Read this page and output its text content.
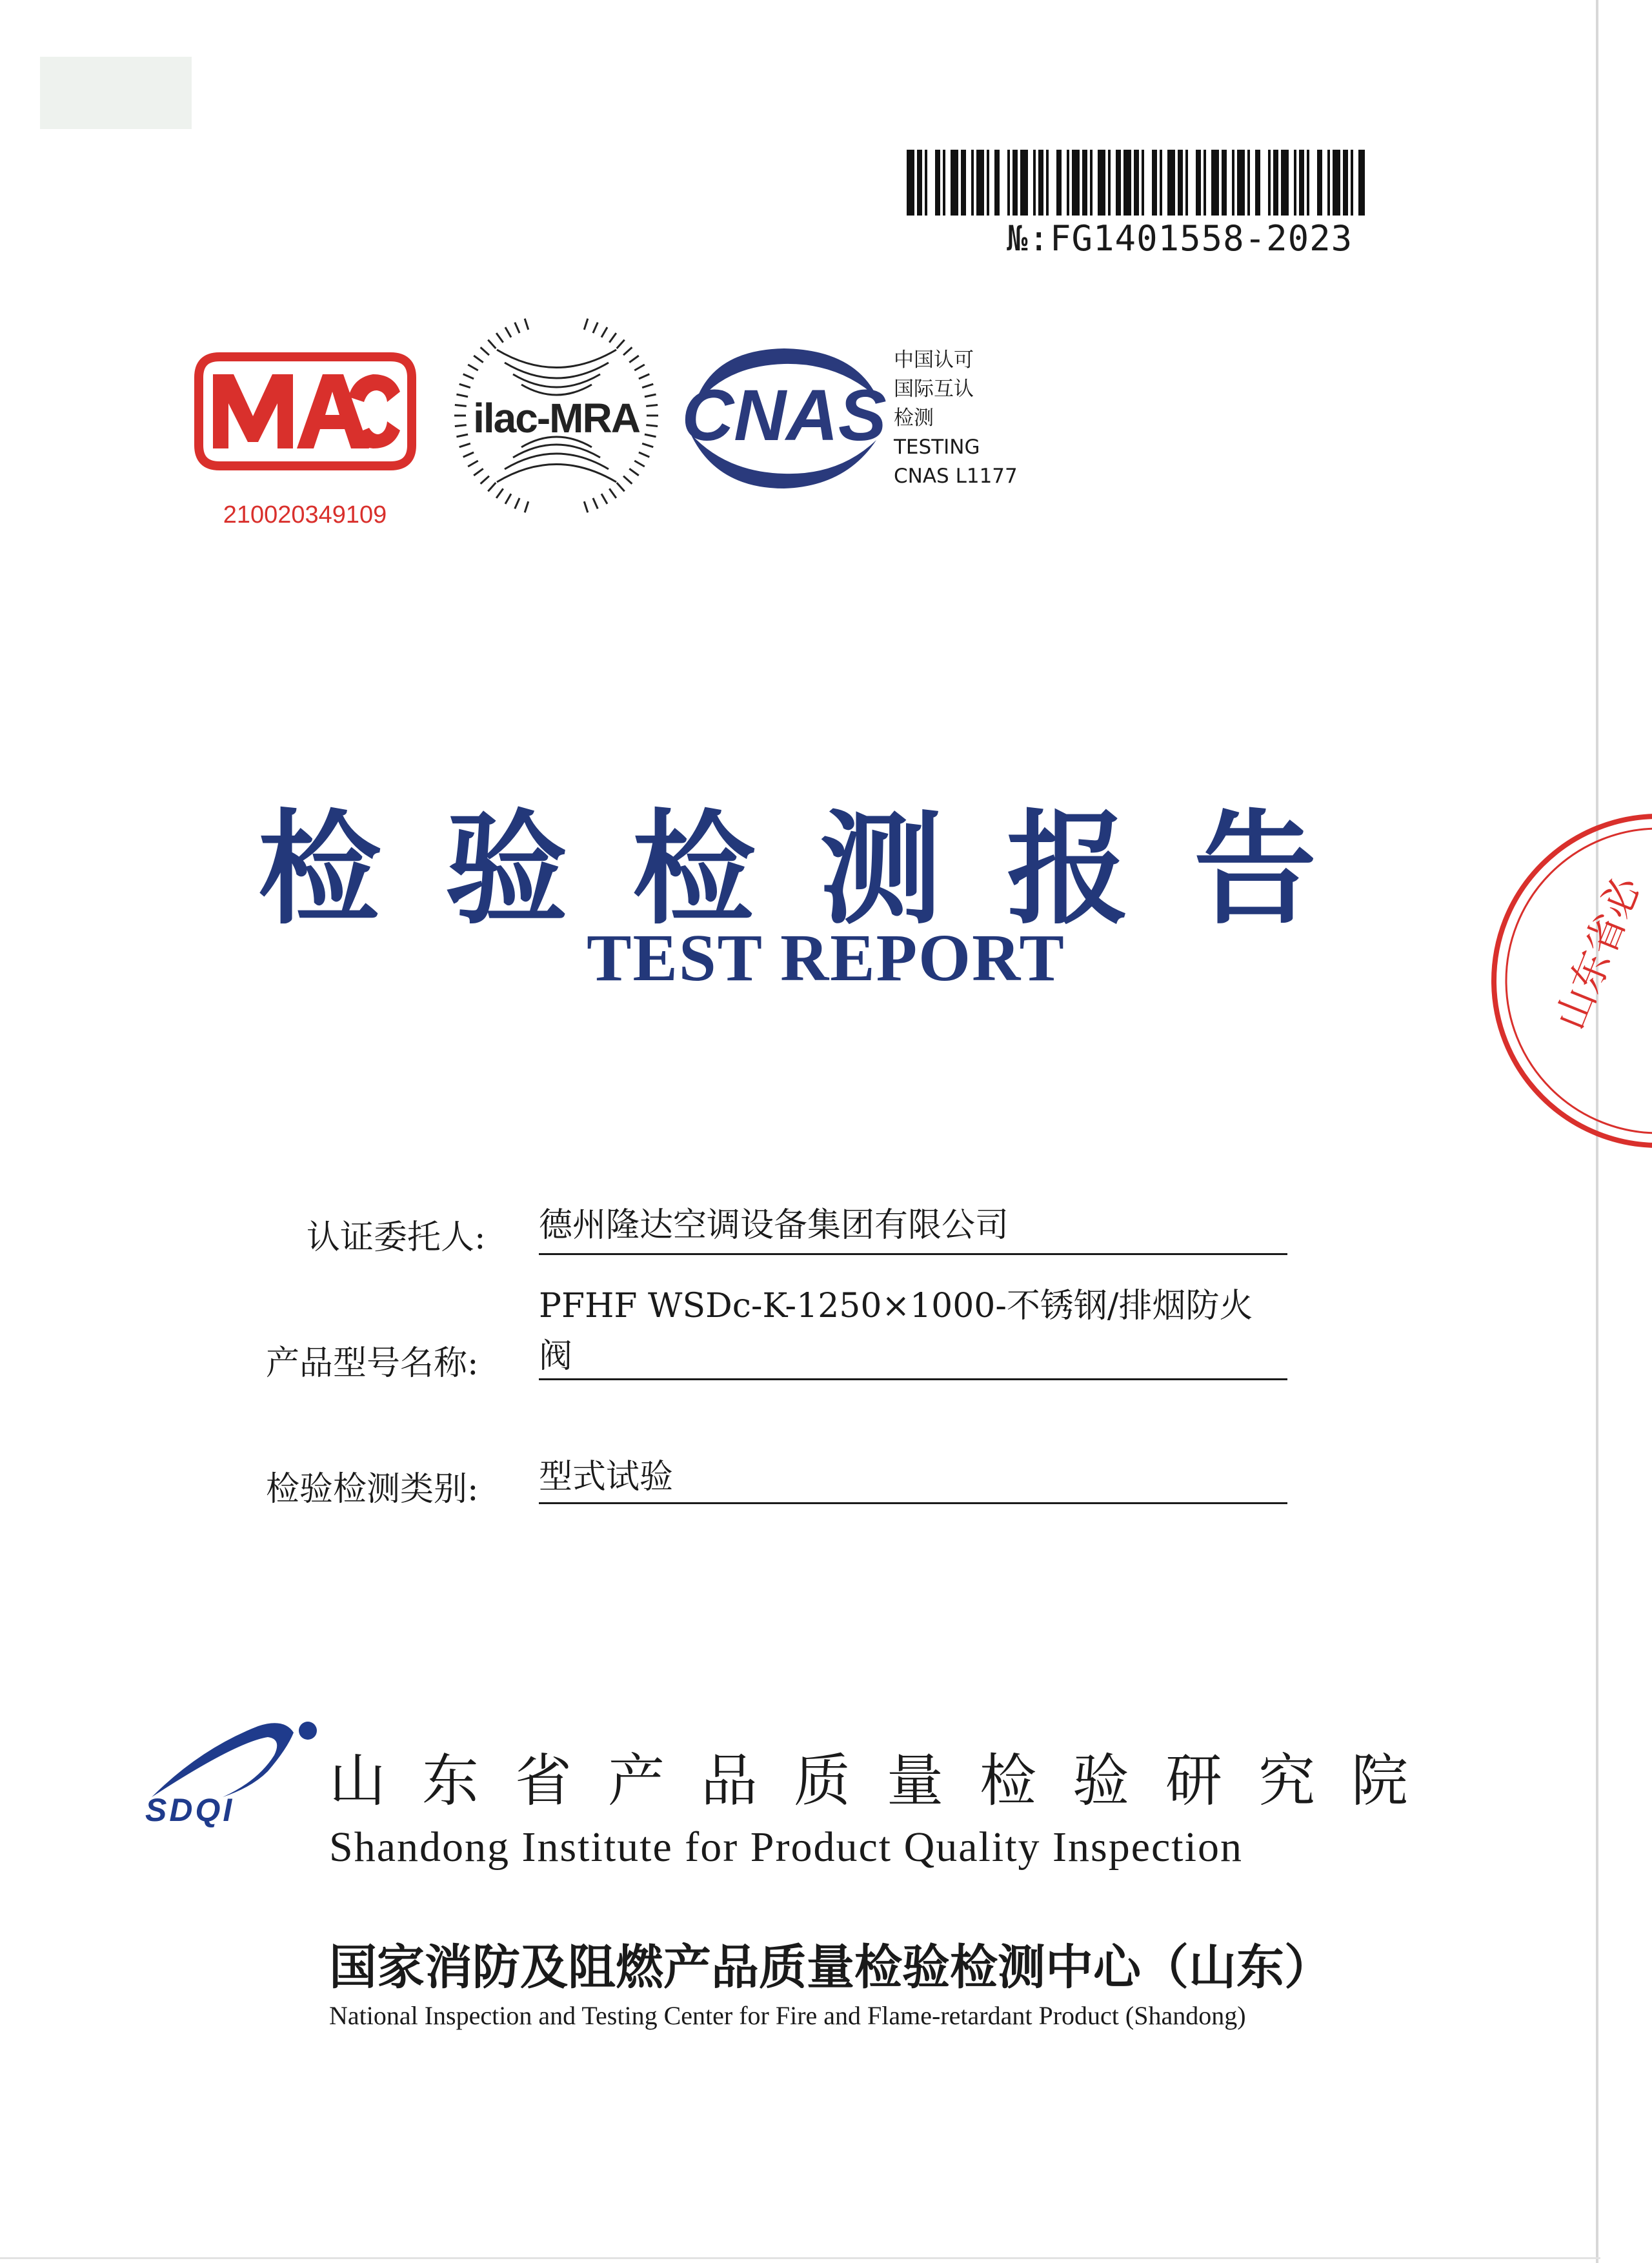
№:FG1401558-2023
210020349109
ilac-MRA CNAS
中国认可
国际互认
检测
TESTING
CNAS L1177
检验检测报告
TEST REPORT
认证委托人: 德州隆达空调设备集团有限公司
产品型号名称:
PFHF WSDc-K-1250×1000-不锈钢/排烟防火阀
检验检测类别: 型式试验
山东省必
SDQI 山东省产品质量检验研究院
Shandong Institute for Product Quality Inspection
国家消防及阻燃产品质量检验检测中心（山东）
National Inspection and Testing Center for Fire and Flame-retardant Product (Shandong)
